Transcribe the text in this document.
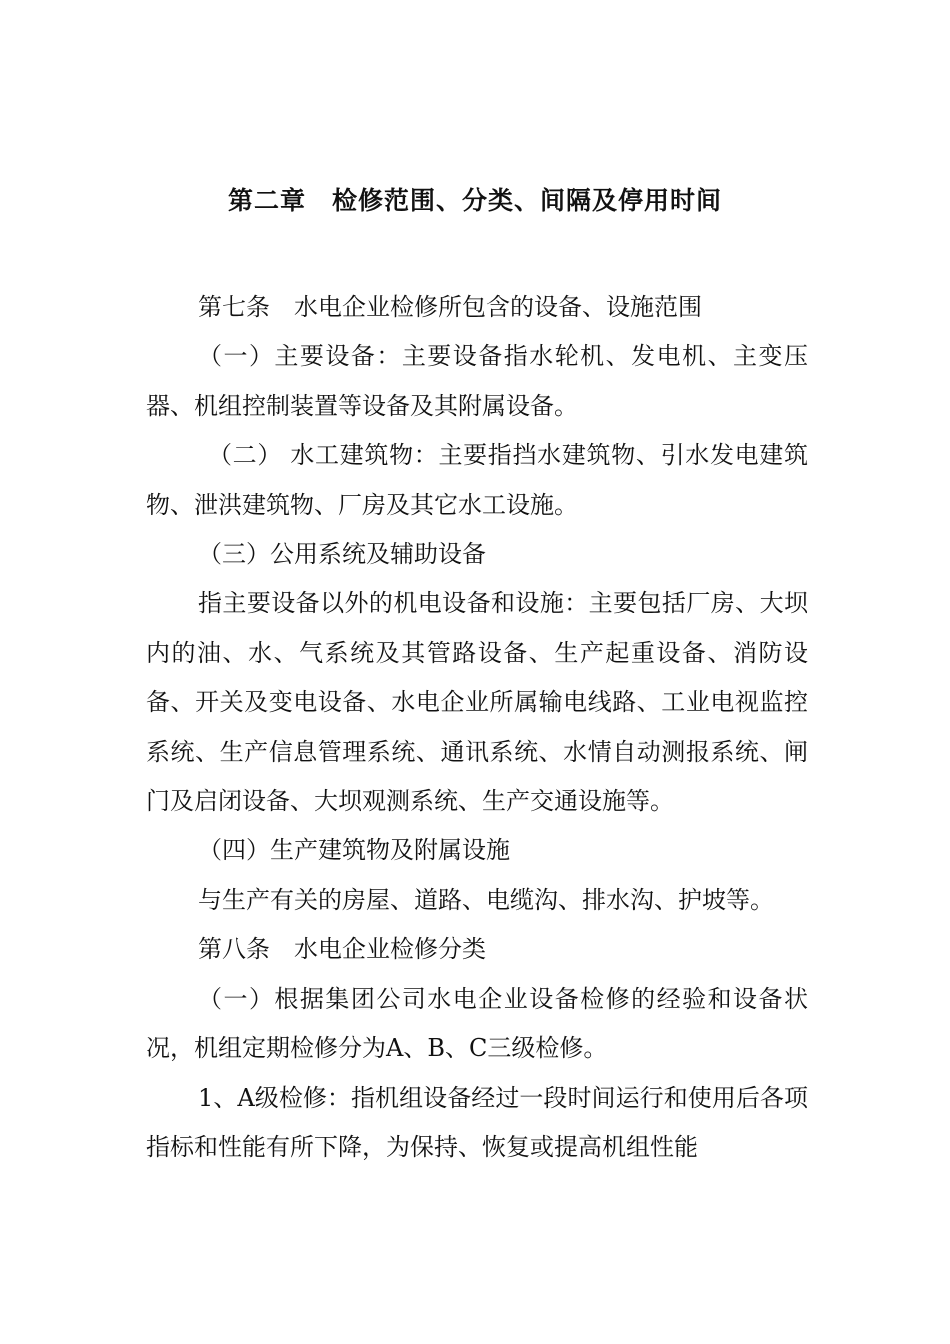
第二章　检修范围、分类、间隔及停用时间

第七条　水电企业检修所包含的设备、设施范围

（一）主要设备：主要设备指水轮机、发电机、主变压器、机组控制装置等设备及其附属设备。

（二） 水工建筑物：主要指挡水建筑物、引水发电建筑物、泄洪建筑物、厂房及其它水工设施。

（三）公用系统及辅助设备

指主要设备以外的机电设备和设施：主要包括厂房、大坝内的油、水、气系统及其管路设备、生产起重设备、消防设备、开关及变电设备、水电企业所属输电线路、工业电视监控系统、生产信息管理系统、通讯系统、水情自动测报系统、闸门及启闭设备、大坝观测系统、生产交通设施等。

（四）生产建筑物及附属设施

与生产有关的房屋、道路、电缆沟、排水沟、护坡等。

第八条　水电企业检修分类

（一）根据集团公司水电企业设备检修的经验和设备状况，机组定期检修分为A、B、C三级检修。

1、A级检修：指机组设备经过一段时间运行和使用后各项指标和性能有所下降，为保持、恢复或提高机组性能
